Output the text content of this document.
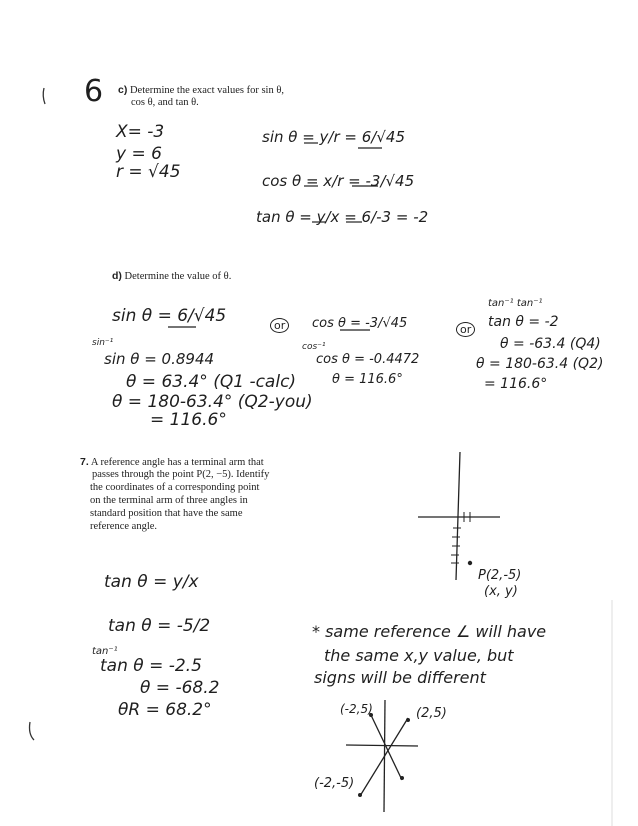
6 c) Determine the exact values for sin θ,
cos θ, and tan θ.
X= -3
y = 6
r = √45
sin θ = y/r = 6/√45
cos θ = x/r = -3/√45
tan θ = y/x = 6/-3 = -2
d) Determine the value of θ.
sin θ = 6/√45
sin⁻¹
sin θ = 0.8944
θ = 63.4° (Q1 -calc)
θ = 180-63.4° (Q2-you)
= 116.6°
or	or
cos θ = -3/√45
cos⁻¹
cos θ = -0.4472
θ = 116.6°
tan⁻¹ tan⁻¹
tan θ = -2
θ = -63.4 (Q4)
θ = 180-63.4 (Q2)
= 116.6°
7. A reference angle has a terminal arm that
passes through the point P(2, −5). Identify
the coordinates of a corresponding point
on the terminal arm of three angles in
standard position that have the same
reference angle.
P(2,-5)
(x, y)
tan θ = y/x
tan θ = -5/2
tan⁻¹
tan θ = -2.5
θ = -68.2
θR = 68.2°
* same reference ∠ will have
the same x,y value, but
signs will be different
(-2,5)	(2,5)
(-2,-5)
